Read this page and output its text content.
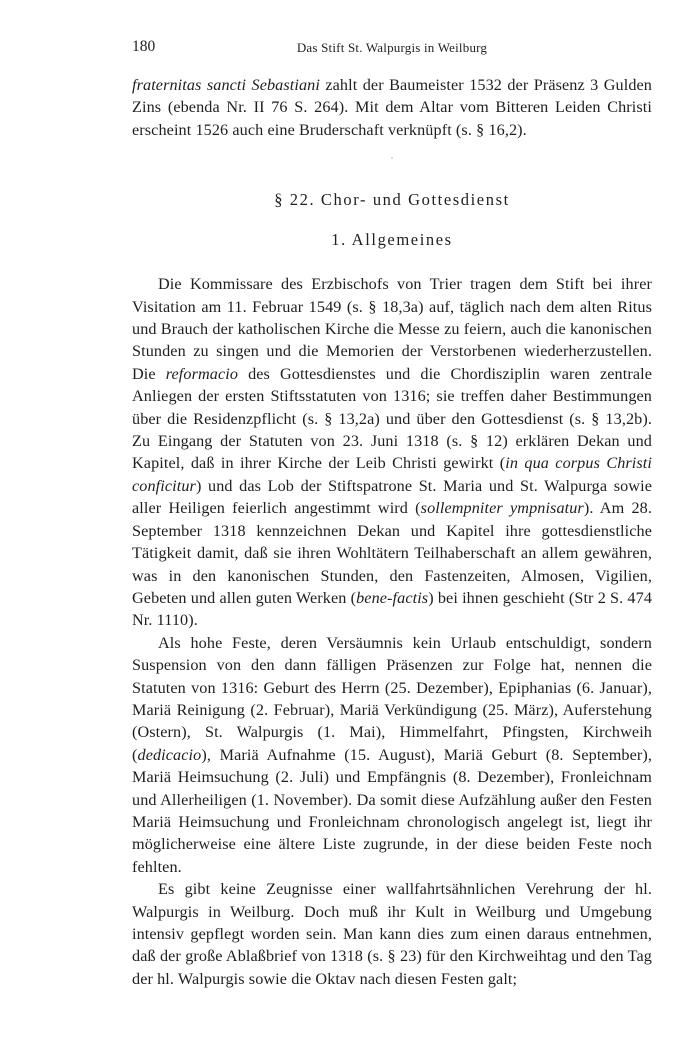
180	Das Stift St. Walpurgis in Weilburg

fraternitas sancti Sebastiani zahlt der Baumeister 1532 der Präsenz 3 Gulden Zins (ebenda Nr. II 76 S. 264). Mit dem Altar vom Bitteren Leiden Christi erscheint 1526 auch eine Bruderschaft verknüpft (s. § 16,2).

§ 22. Chor- und Gottesdienst
1. Allgemeines

Die Kommissare des Erzbischofs von Trier tragen dem Stift bei ihrer Visitation am 11. Februar 1549 (s. § 18,3a) auf, täglich nach dem alten Ritus und Brauch der katholischen Kirche die Messe zu feiern, auch die kanonischen Stunden zu singen und die Memorien der Verstorbenen wiederherzustellen. Die reformacio des Gottesdienstes und die Chordisziplin waren zentrale Anliegen der ersten Stiftsstatuten von 1316; sie treffen daher Bestimmungen über die Residenzpflicht (s. § 13,2a) und über den Gottesdienst (s. § 13,2b). Zu Eingang der Statuten von 23. Juni 1318 (s. § 12) erklären Dekan und Kapitel, daß in ihrer Kirche der Leib Christi gewirkt (in qua corpus Christi conficitur) und das Lob der Stiftspatrone St. Maria und St. Walpurga sowie aller Heiligen feierlich angestimmt wird (sollempniter ympnisatur). Am 28. September 1318 kennzeichnen Dekan und Kapitel ihre gottesdienstliche Tätigkeit damit, daß sie ihren Wohltätern Teilhaberschaft an allem gewähren, was in den kanonischen Stunden, den Fastenzeiten, Almosen, Vigilien, Gebeten und allen guten Werken (bene-factis) bei ihnen geschieht (Str 2 S. 474 Nr. 1110).

Als hohe Feste, deren Versäumnis kein Urlaub entschuldigt, sondern Suspension von den dann fälligen Präsenzen zur Folge hat, nennen die Statuten von 1316: Geburt des Herrn (25. Dezember), Epiphanias (6. Januar), Mariä Reinigung (2. Februar), Mariä Verkündigung (25. März), Auferstehung (Ostern), St. Walpurgis (1. Mai), Himmelfahrt, Pfingsten, Kirchweih (dedicacio), Mariä Aufnahme (15. August), Mariä Geburt (8. September), Mariä Heimsuchung (2. Juli) und Empfängnis (8. Dezember), Fronleichnam und Allerheiligen (1. November). Da somit diese Aufzählung außer den Festen Mariä Heimsuchung und Fronleichnam chronologisch angelegt ist, liegt ihr möglicherweise eine ältere Liste zugrunde, in der diese beiden Feste noch fehlten.

Es gibt keine Zeugnisse einer wallfahrtsähnlichen Verehrung der hl. Walpurgis in Weilburg. Doch muß ihr Kult in Weilburg und Umgebung intensiv gepflegt worden sein. Man kann dies zum einen daraus entnehmen, daß der große Ablaßbrief von 1318 (s. § 23) für den Kirchweihtag und den Tag der hl. Walpurgis sowie die Oktav nach diesen Festen galt;
